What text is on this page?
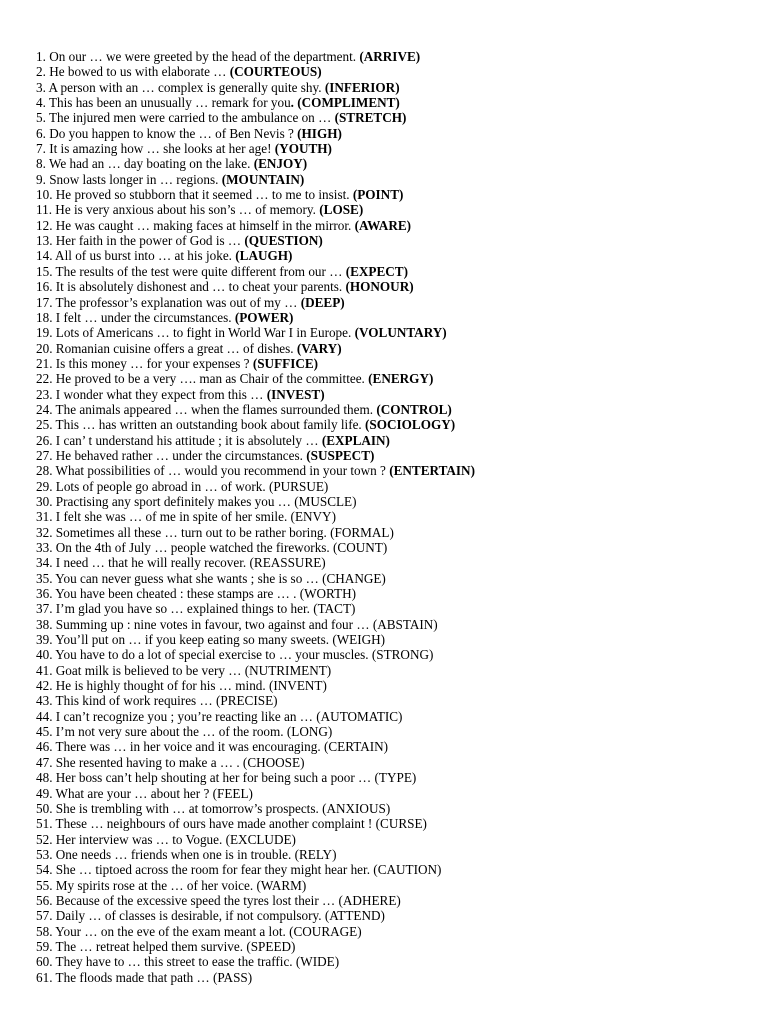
1. On our … we were greeted by the head of the department. (ARRIVE)
2. He bowed to us with elaborate … (COURTEOUS)
3. A person with an … complex is generally quite shy. (INFERIOR)
4. This has been an unusually … remark for you. (COMPLIMENT)
5. The injured men were carried to the ambulance on … (STRETCH)
6. Do you happen to know the … of Ben Nevis ? (HIGH)
7. It is amazing how … she looks at her age! (YOUTH)
8. We had an … day boating on the lake. (ENJOY)
9. Snow lasts longer in … regions. (MOUNTAIN)
10. He proved so stubborn that it seemed … to me to insist. (POINT)
11. He is very anxious about his son’s … of memory. (LOSE)
12. He was caught … making faces at himself in the mirror. (AWARE)
13. Her faith in the power of God is … (QUESTION)
14. All of us burst into … at his joke. (LAUGH)
15. The results of the test were quite different from our … (EXPECT)
16. It is absolutely dishonest and … to cheat your parents. (HONOUR)
17. The professor’s explanation was out of my … (DEEP)
18. I felt … under the circumstances. (POWER)
19. Lots of Americans … to fight in World War I in Europe. (VOLUNTARY)
20. Romanian cuisine offers a great … of dishes. (VARY)
21. Is this money … for your expenses ? (SUFFICE)
22. He proved to be a very …. man as Chair of the committee. (ENERGY)
23. I wonder what they expect from this … (INVEST)
24. The animals appeared … when the flames surrounded them. (CONTROL)
25. This … has written an outstanding book about family life. (SOCIOLOGY)
26. I can’ t understand his attitude ; it is absolutely … (EXPLAIN)
27. He behaved rather … under the circumstances. (SUSPECT)
28. What possibilities of … would you recommend in your town ? (ENTERTAIN)
29. Lots of people go abroad in … of work. (PURSUE)
30. Practising any sport definitely makes you … (MUSCLE)
31. I felt she was … of me in spite of her smile. (ENVY)
32. Sometimes all these … turn out to be rather boring. (FORMAL)
33. On the 4th of July … people watched the fireworks. (COUNT)
34. I need … that he will really recover. (REASSURE)
35. You can never guess what she wants ; she is so … (CHANGE)
36. You have been cheated : these stamps are … . (WORTH)
37. I’m glad you have so … explained things to her. (TACT)
38. Summing up : nine votes in favour, two against and four … (ABSTAIN)
39. You’ll put on … if you keep eating so many sweets. (WEIGH)
40. You have to do a lot of special exercise to … your muscles. (STRONG)
41. Goat milk is believed to be very … (NUTRIMENT)
42. He is highly thought of for his … mind. (INVENT)
43. This kind of work requires … (PRECISE)
44. I can’t recognize you ; you’re reacting like an … (AUTOMATIC)
45. I’m not very sure about the … of the room. (LONG)
46. There was … in her voice and it was encouraging. (CERTAIN)
47. She resented having to make a … . (CHOOSE)
48. Her boss can’t help shouting at her for being such a poor … (TYPE)
49. What are your … about her ? (FEEL)
50. She is trembling with … at tomorrow’s prospects. (ANXIOUS)
51. These … neighbours of ours have made another complaint ! (CURSE)
52. Her interview was … to Vogue. (EXCLUDE)
53. One needs … friends when one is in trouble. (RELY)
54. She … tiptoed across the room for fear they might hear her. (CAUTION)
55. My spirits rose at the … of her voice. (WARM)
56. Because of the excessive speed the tyres lost their … (ADHERE)
57. Daily … of classes is desirable, if not compulsory. (ATTEND)
58. Your … on the eve of the exam meant a lot. (COURAGE)
59. The … retreat helped them survive. (SPEED)
60. They have to … this street to ease the traffic. (WIDE)
61. The floods made that path … (PASS)
